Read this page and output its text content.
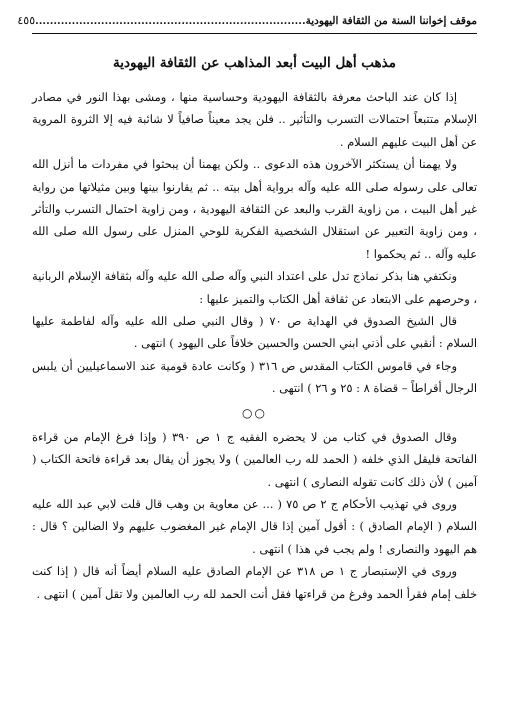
موقف إخواننا السنة من الثقافة اليهودية..........................................................................
٤٥٥
مذهب أهل البيت أبعد المذاهب عن الثقافة اليهودية

إذا كان عند الباحث معرفة بالثقافة اليهودية وحساسية منها ، ومشى بهذا النور في مصادر الإسلام متتبعاً احتمالات التسرب والتأثير .. فلن يجد معيناً صافياً لا شائبة فيه إلا الثروة المروية عن أهل البيت عليهم السلام .

ولا يهمنا أن يستكثر الآخرون هذه الدعوى .. ولكن يهمنا أن يبحثوا في مفردات ما أنزل الله تعالى على رسوله صلى الله عليه وآله برواية أهل بيته .. ثم يقارنوا بينها وبين مثيلاتها من رواية غير أهل البيت ، من زاوية القرب والبعد عن الثقافة اليهودية ، ومن زاوية احتمال التسرب والتأثر ، ومن زاوية التعبير عن استقلال الشخصية الفكرية للوحي المنزل على رسول الله صلى الله عليه وآله .. ثم يحكموا !

ونكتفي هنا بذكر نماذج تدل على اعتداد النبي وآله صلى الله عليه وآله بثقافة الإسلام الربانية ، وحرصهم على الابتعاد عن ثقافة أهل الكتاب والتميز عليها :

قال الشيخ الصدوق في الهداية ص ٧٠ ( وقال النبي صلى الله عليه وآله لفاطمة عليها السلام : أنقبي على أذني ابني الحسن والحسين خلافاً على اليهود ) انتهى .

وجاء في قاموس الكتاب المقدس ص ٣١٦ ( وكانت عادة قومية عند الاسماعيليين أن يلبس الرجال أقراطاً – قضاة ٨ : ٢٥ و ٢٦ ) انتهى .

○○

وقال الصدوق في كتاب من لا يحضره الفقيه ج ١ ص ٣٩٠ ( وإذا فرغ الإمام من قراءة الفاتحة فليقل الذي خلفه ( الحمد لله رب العالمين ) ولا يجوز أن يقال بعد قراءة فاتحة الكتاب ( آمين ) لأن ذلك كانت تقوله النصارى ) انتهى .

وروى في تهذيب الأحكام ج ٢ ص ٧٥ ( ... عن معاوية بن وهب قال قلت لابي عبد الله عليه السلام ( الإمام الصادق ) : أقول آمين إذا قال الإمام غير المغضوب عليهم ولا الضالين ؟ قال : هم اليهود والنصارى ! ولم يجب في هذا ) انتهى .

وروى في الإستبصار ج ١ ص ٣١٨ عن الإمام الصادق عليه السلام أيضاً أنه قال ( إذا كنت خلف إمام فقرأ الحمد وفرغ من قراءتها فقل أنت الحمد لله رب العالمين ولا تقل آمين ) انتهى .
